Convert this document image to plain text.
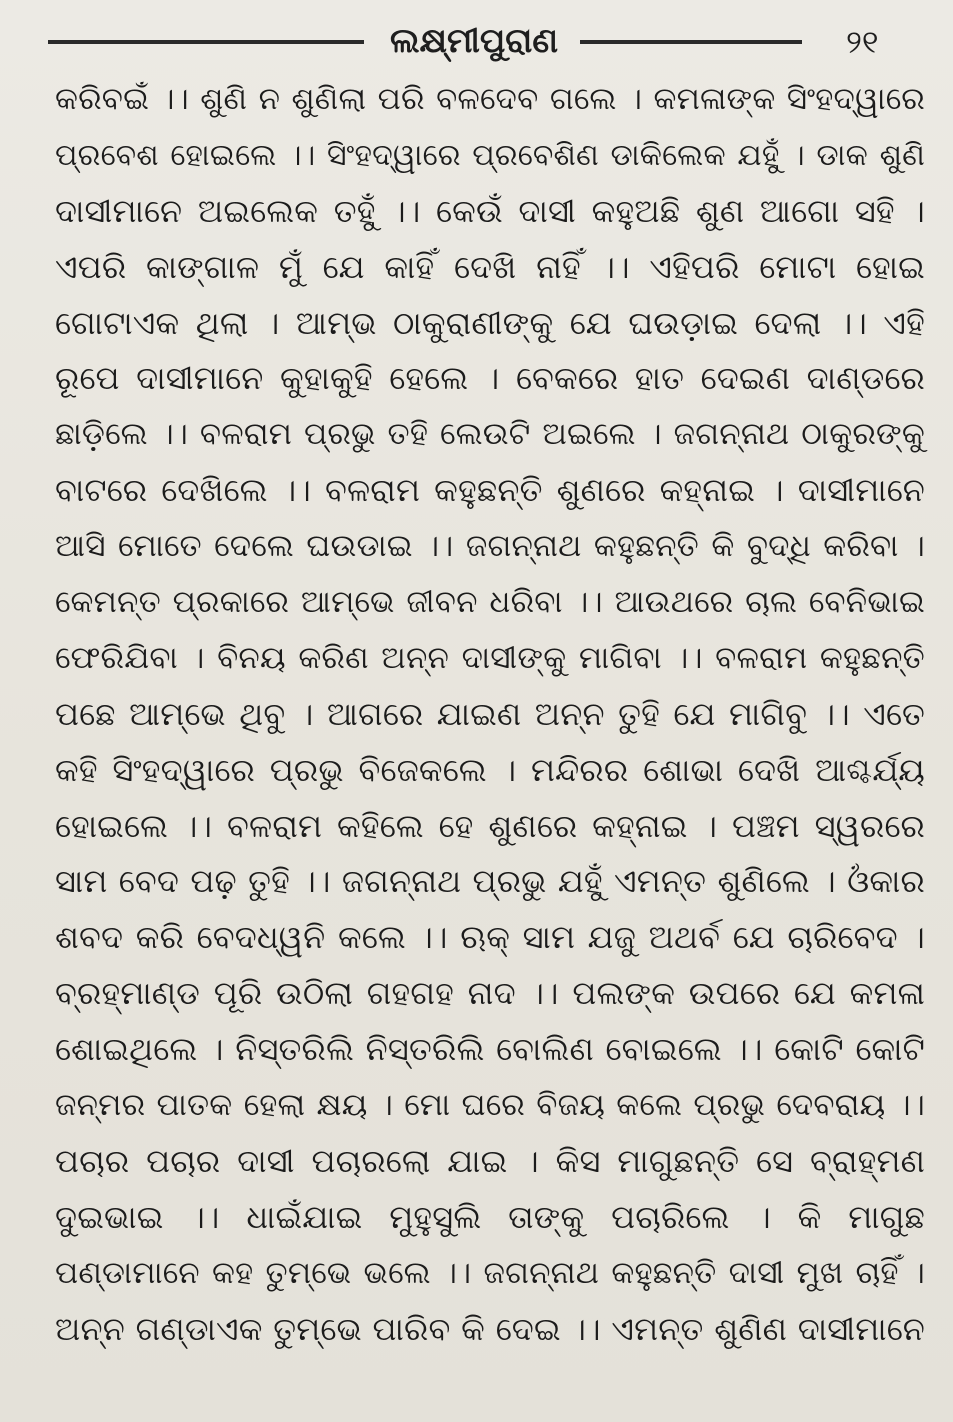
ଲକ୍ଷ୍ମୀପୁରାଣ	୨୧
କରିବଇଁ ।। ଶୁଣି ନ ଶୁଣିଲା ପରି ବଳଦେବ ଗଲେ । କମଳାଙ୍କ ସିଂହଦ୍ୱାରେ
ପ୍ରବେଶ ହୋଇଲେ ।। ସିଂହଦ୍ୱାରେ ପ୍ରବେଶିଣ ଡାକିଲେକ ଯହୁଁ । ଡାକ ଶୁଣି
ଦାସୀମାନେ ଅଇଲେକ ତହୁଁ ।। କେଉଁ ଦାସୀ କହୁଅଛି ଶୁଣ ଆଗୋ ସହି ।
ଏପରି କାଙ୍ଗାଳ ମୁଁ ଯେ କାହିଁ ଦେଖି ନାହିଁ ।। ଏହିପରି ମୋଟା ହୋଇ
ଗୋଟାଏକ ଥିଲା । ଆମ୍ଭ ଠାକୁରାଣୀଙ୍କୁ ଯେ ଘଉଡ଼ାଇ ଦେଲା ।। ଏହି
ରୂପେ ଦାସୀମାନେ କୁହାକୁହି ହେଲେ । ବେକରେ ହାତ ଦେଇଣ ଦାଣ୍ଡରେ
ଛାଡ଼ିଲେ ।। ବଳରାମ ପ୍ରଭୁ ତହି ଲେଉଟି ଅଇଲେ । ଜଗନ୍ନାଥ ଠାକୁରଙ୍କୁ
ବାଟରେ ଦେଖିଲେ ।। ବଳରାମ କହୁଛନ୍ତି ଶୁଣରେ କହ୍ନାଇ । ଦାସୀମାନେ
ଆସି ମୋତେ ଦେଲେ ଘଉଡାଇ ।। ଜଗନ୍ନାଥ କହୁଛନ୍ତି କି ବୁଦ୍ଧି କରିବା ।
କେମନ୍ତ ପ୍ରକାରେ ଆମ୍ଭେ ଜୀବନ ଧରିବା ।। ଆଉଥରେ ଚାଲ ବେନିଭାଇ
ଫେରିଯିବା । ବିନୟ କରିଣ ଅନ୍ନ ଦାସୀଙ୍କୁ ମାଗିବା ।। ବଳରାମ କହୁଛନ୍ତି
ପଛେ ଆମ୍ଭେ ଥିବୁ । ଆଗରେ ଯାଇଣ ଅନ୍ନ ତୁହି ଯେ ମାଗିବୁ ।। ଏତେ
କହି ସିଂହଦ୍ୱାରେ ପ୍ରଭୁ ବିଜେକଲେ । ମନ୍ଦିରର ଶୋଭା ଦେଖି ଆଶ୍ଚର୍ଯ୍ୟ
ହୋଇଲେ ।। ବଳରାମ କହିଲେ ହେ ଶୁଣରେ କହ୍ନାଇ । ପଞ୍ଚମ ସ୍ୱରରେ
ସାମ ବେଦ ପଢ଼ ତୁହି ।। ଜଗନ୍ନାଥ ପ୍ରଭୁ ଯହୁଁ ଏମନ୍ତ ଶୁଣିଲେ । ଓଁକାର
ଶବଦ କରି ବେଦଧ୍ୱନି କଲେ ।। ଋକ୍ ସାମ ଯଜୁ ଅଥର୍ବ ଯେ ଚାରିବେଦ ।
ବ୍ରହ୍ମାଣ୍ଡ ପୂରି ଉଠିଲା ଗହଗହ ନାଦ ।। ପଲଙ୍କ ଉପରେ ଯେ କମଳା
ଶୋଇଥିଲେ । ନିସ୍ତରିଲି ନିସ୍ତରିଲି ବୋଲିଣ ବୋଇଲେ ।। କୋଟି କୋଟି
ଜନ୍ମର ପାତକ ହେଲା କ୍ଷୟ । ମୋ ଘରେ ବିଜୟ କଲେ ପ୍ରଭୁ ଦେବରାୟ ।।
ପଚାର ପଚାର ଦାସୀ ପଚାରଲୋ ଯାଇ । କିସ ମାଗୁଛନ୍ତି ସେ ବ୍ରାହ୍ମଣ
ଦୁଇଭାଇ ।। ଧାଇଁଯାଇ ମୁହୁସୁଲି ତାଙ୍କୁ ପଚାରିଲେ । କି ମାଗୁଛ
ପଣ୍ଡାମାନେ କହ ତୁମ୍ଭେ ଭଲେ ।। ଜଗନ୍ନାଥ କହୁଛନ୍ତି ଦାସୀ ମୁଖ ଚାହିଁ ।
ଅନ୍ନ ଗଣ୍ଡାଏକ ତୁମ୍ଭେ ପାରିବ କି ଦେଇ ।। ଏମନ୍ତ ଶୁଣିଣ ଦାସୀମାନେ
